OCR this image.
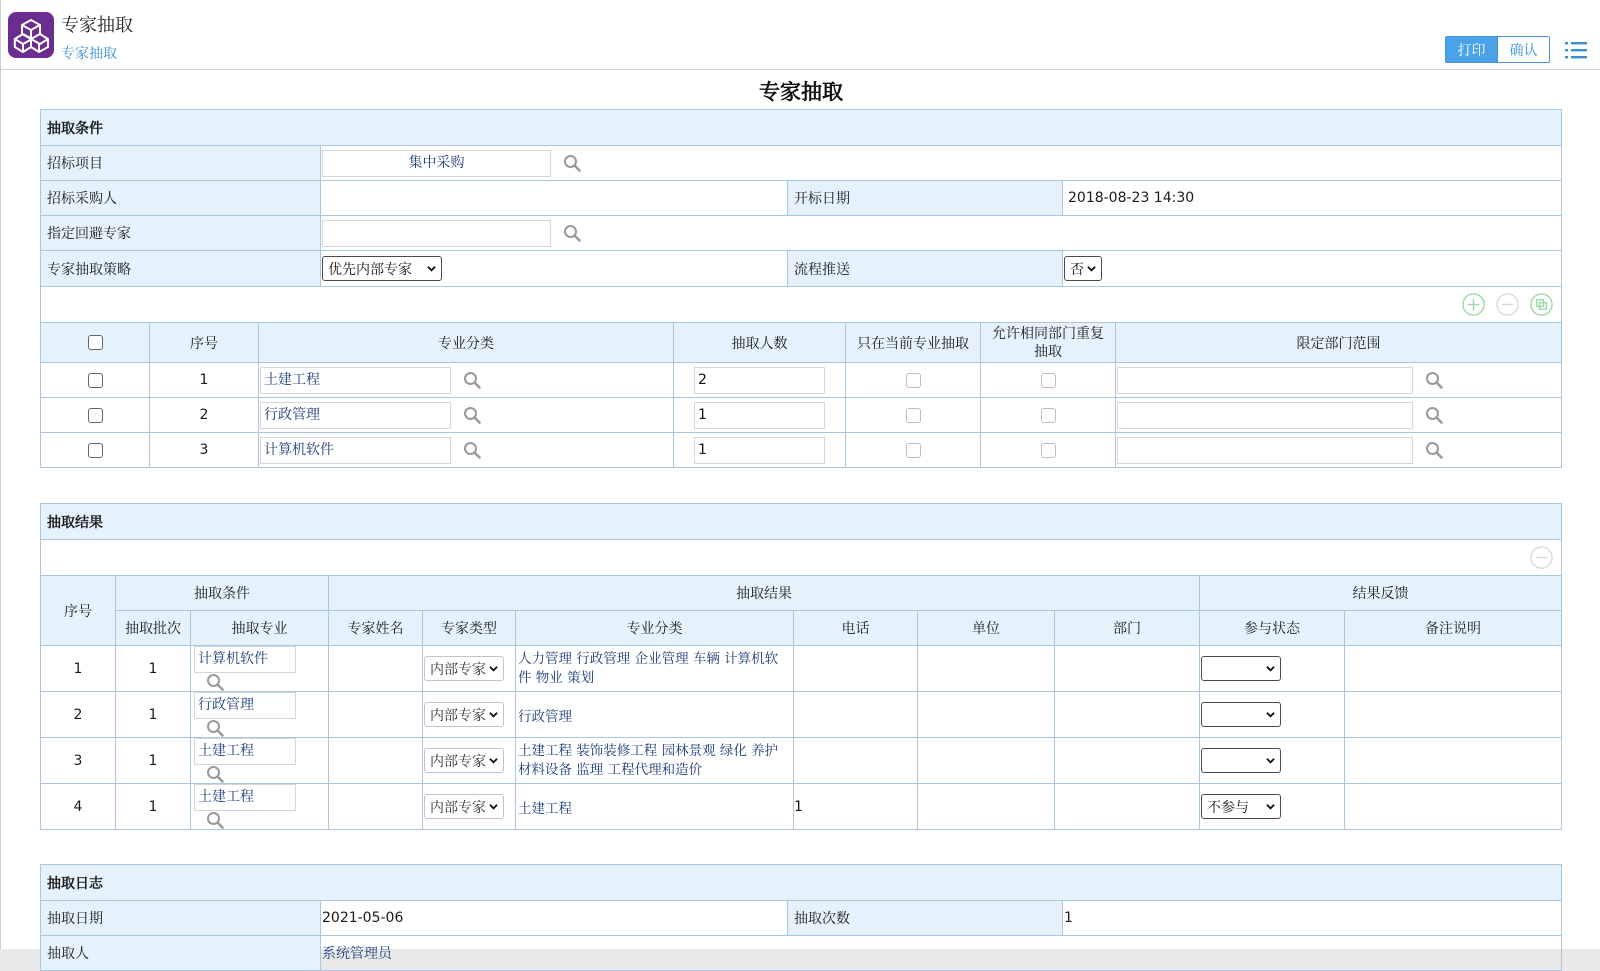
专家抽取
专家抽取	打印	确认
专家抽取
抽取条件			
招标项目	集中采购		
招标采购人		开标日期	2018-08-23 14:30
指定回避专家	
专家抽取策略	优先内部专家	流程推送	否

	序号	专业分类	抽取人数	只在当前专业抽取	允许相同部门重复抽取	限定部门范围
	1	土建工程	2			
	2	行政管理	1			
	3	计算机软件	1			
抽取结果										

序号	抽取条件		抽取结果						结果反馈	
	抽取批次	抽取专业	专家姓名	专家类型	专业分类	电话	单位	部门	参与状态	备注说明
1	1	计算机软件		内部专家	人力管理 行政管理 企业管理 车辆 计算机软件 物业 策划				

2	1	行政管理		内部专家	行政管理				

3	1	土建工程		内部专家	土建工程 装饰装修工程 园林景观 绿化 养护 材料设备 监理 工程代理和造价				

4	1	土建工程		内部专家	土建工程	1			不参与	

抽取日志			
抽取日期	2021-05-06	抽取次数	1
抽取人	系统管理员		
